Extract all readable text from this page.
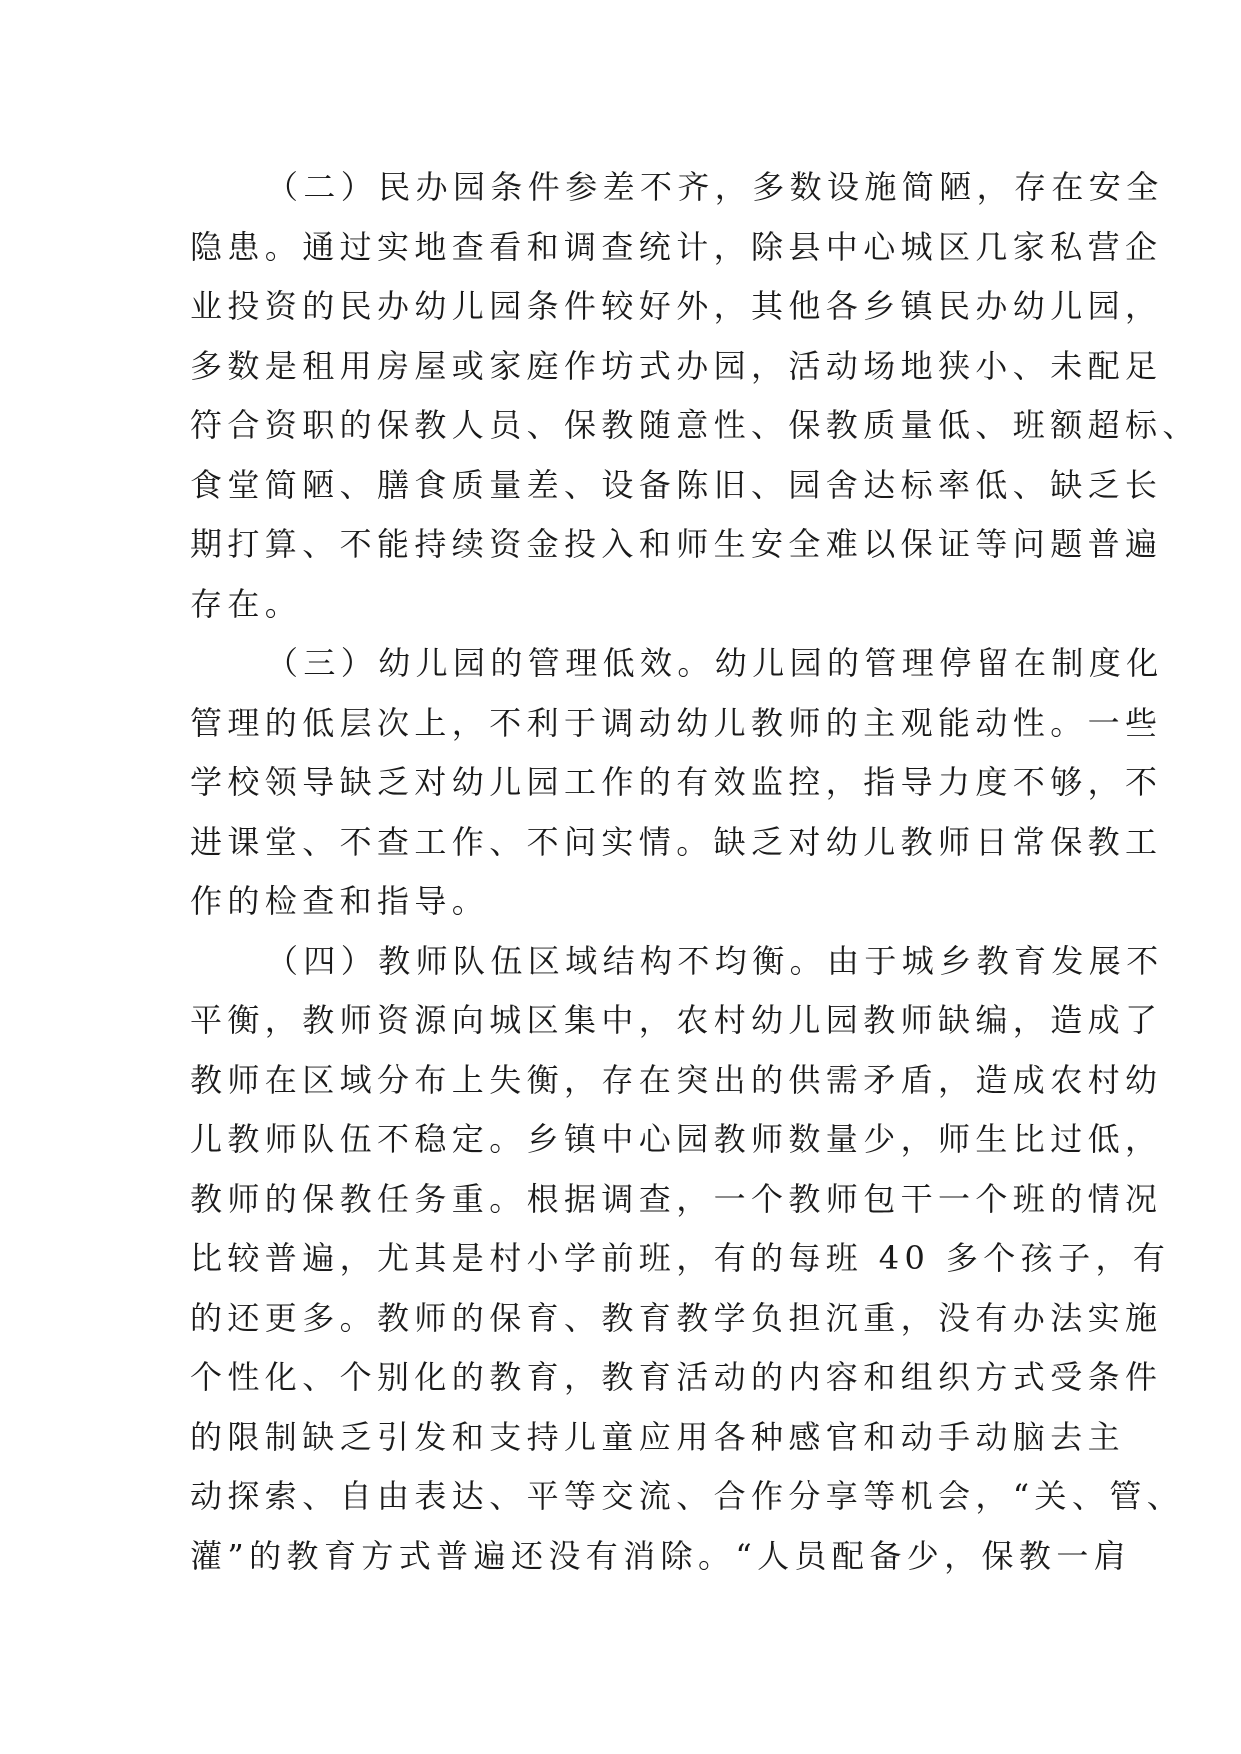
（二）民办园条件参差不齐，多数设施简陋，存在安全
隐患。通过实地查看和调查统计，除县中心城区几家私营企
业投资的民办幼儿园条件较好外，其他各乡镇民办幼儿园，
多数是租用房屋或家庭作坊式办园，活动场地狭小、未配足
符合资职的保教人员、保教随意性、保教质量低、班额超标、
食堂简陋、膳食质量差、设备陈旧、园舍达标率低、缺乏长
期打算、不能持续资金投入和师生安全难以保证等问题普遍
存在。
（三）幼儿园的管理低效。幼儿园的管理停留在制度化
管理的低层次上，不利于调动幼儿教师的主观能动性。一些
学校领导缺乏对幼儿园工作的有效监控，指导力度不够，不
进课堂、不查工作、不问实情。缺乏对幼儿教师日常保教工
作的检查和指导。
（四）教师队伍区域结构不均衡。由于城乡教育发展不
平衡，教师资源向城区集中，农村幼儿园教师缺编，造成了
教师在区域分布上失衡，存在突出的供需矛盾，造成农村幼
儿教师队伍不稳定。乡镇中心园教师数量少，师生比过低，
教师的保教任务重。根据调查，一个教师包干一个班的情况
比较普遍，尤其是村小学前班，有的每班 40 多个孩子，有
的还更多。教师的保育、教育教学负担沉重，没有办法实施
个性化、个别化的教育，教育活动的内容和组织方式受条件
的限制缺乏引发和支持儿童应用各种感官和动手动脑去主
动探索、自由表达、平等交流、合作分享等机会，“关、管、
灌”的教育方式普遍还没有消除。“人员配备少，保教一肩
